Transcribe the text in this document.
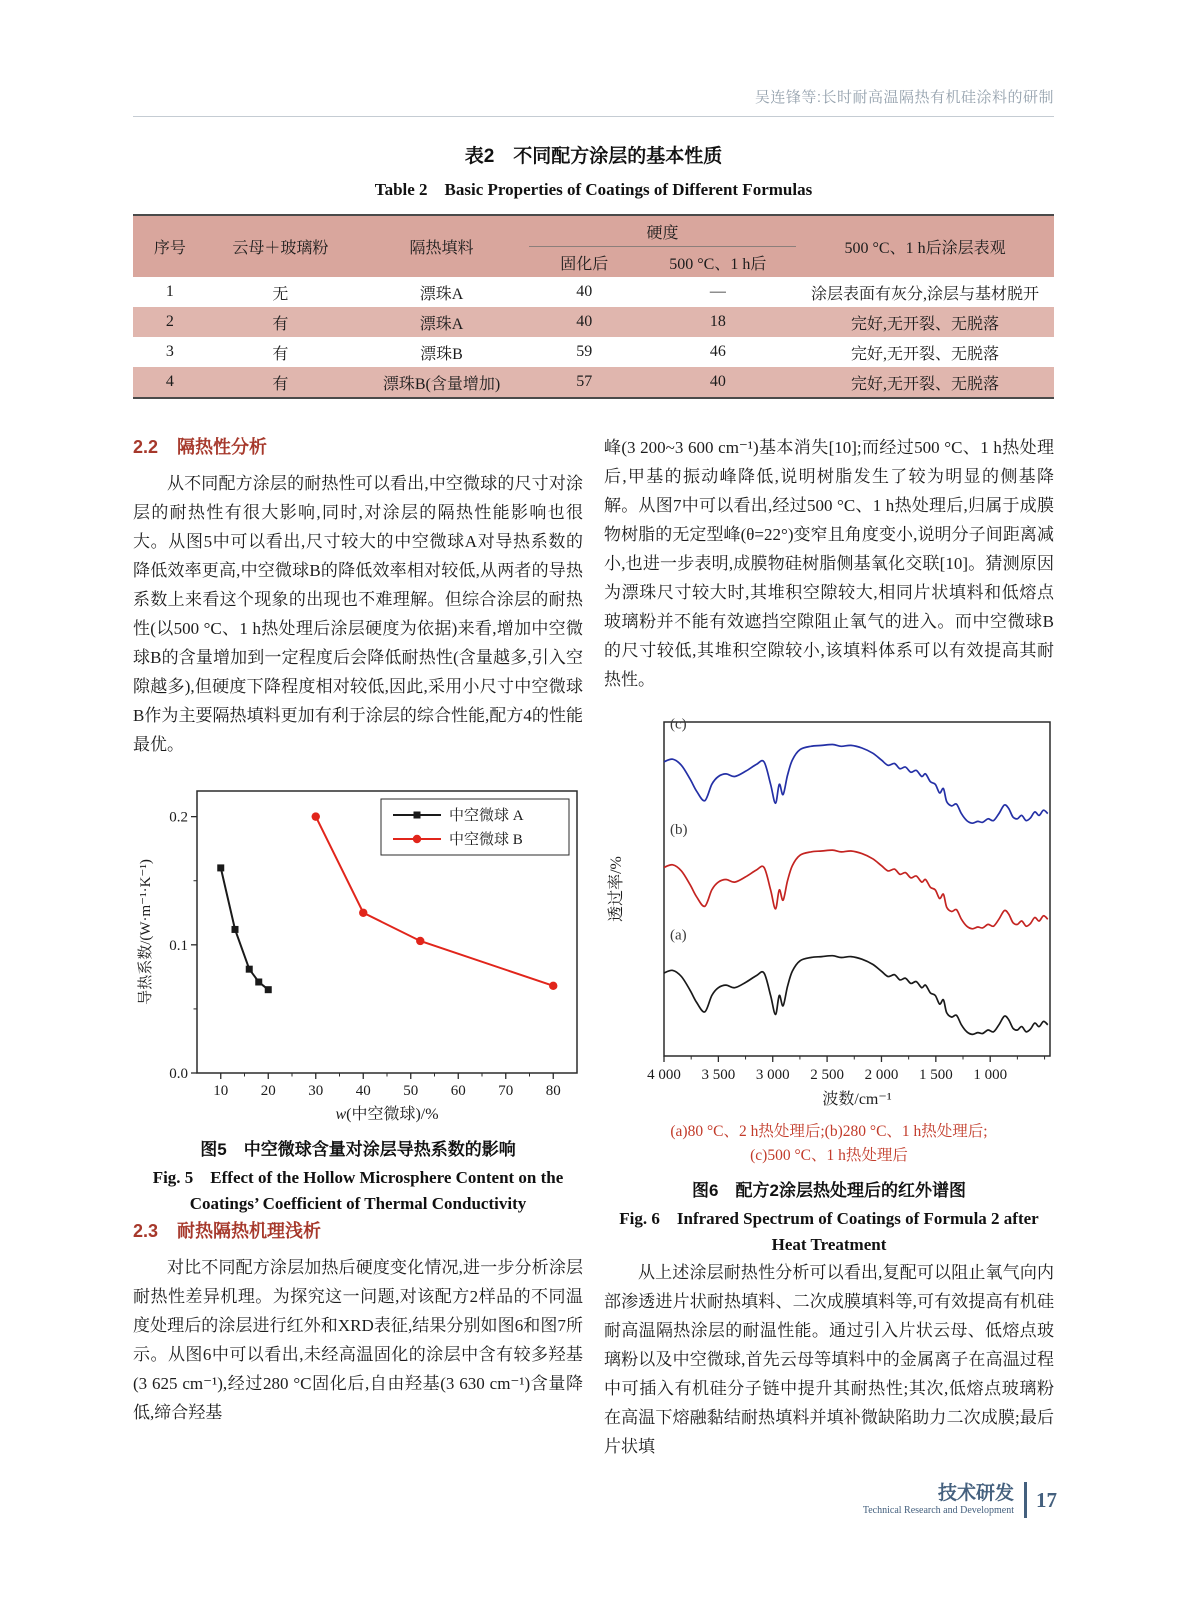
吴连锋等:长时耐高温隔热有机硅涂料的研制
表2　不同配方涂层的基本性质
Table 2　Basic Properties of Coatings of Different Formulas
序号	云母＋玻璃粉	隔热填料	硬度		500 °C、1 h后涂层表观
			固化后	500 °C、1 h后	
1	无	漂珠A	40	—	涂层表面有灰分,涂层与基材脱开
2	有	漂珠A	40	18	完好,无开裂、无脱落
3	有	漂珠B	59	46	完好,无开裂、无脱落
4	有	漂珠B(含量增加)	57	40	完好,无开裂、无脱落
2.2 隔热性分析

从不同配方涂层的耐热性可以看出,中空微球的尺寸对涂层的耐热性有很大影响,同时,对涂层的隔热性能影响也很大。从图5中可以看出,尺寸较大的中空微球A对导热系数的降低效率更高,中空微球B的降低效率相对较低,从两者的导热系数上来看这个现象的出现也不难理解。但综合涂层的耐热性(以500 °C、1 h热处理后涂层硬度为依据)来看,增加中空微球B的含量增加到一定程度后会降低耐热性(含量越多,引入空隙越多),但硬度下降程度相对较低,因此,采用小尺寸中空微球B作为主要隔热填料更加有利于涂层的综合性能,配方4的性能最优。

10 20 30 40 50 60 70 80
0.0
0.1
0.2	中空微球 A
中空微球 B
导热系数/(W·m⁻¹·K⁻¹)
w(中空微球)/%
图5　中空微球含量对涂层导热系数的影响
Fig. 5　Effect of the Hollow Microsphere Content on the Coatings’ Coefficient of Thermal Conductivity
2.3 耐热隔热机理浅析

对比不同配方涂层加热后硬度变化情况,进一步分析涂层耐热性差异机理。为探究这一问题,对该配方2样品的不同温度处理后的涂层进行红外和XRD表征,结果分别如图6和图7所示。从图6中可以看出,未经高温固化的涂层中含有较多羟基(3 625 cm⁻¹),经过280 °C固化后,自由羟基(3 630 cm⁻¹)含量降低,缔合羟基

峰(3 200~3 600 cm⁻¹)基本消失[10];而经过500 °C、1 h热处理后,甲基的振动峰降低,说明树脂发生了较为明显的侧基降解。从图7中可以看出,经过500 °C、1 h热处理后,归属于成膜物树脂的无定型峰(θ=22°)变窄且角度变小,说明分子间距离减小,也进一步表明,成膜物硅树脂侧基氧化交联[10]。猜测原因为漂珠尺寸较大时,其堆积空隙较大,相同片状填料和低熔点玻璃粉并不能有效遮挡空隙阻止氧气的进入。而中空微球B的尺寸较低,其堆积空隙较小,该填料体系可以有效提高其耐热性。

4 000 3 500 3 000 2 500 2 000 1 500 1 000
(a)
(b)
(c)
透过率/%
波数/cm⁻¹
(a)80 °C、2 h热处理后;(b)280 °C、1 h热处理后;
(c)500 °C、1 h热处理后
图6　配方2涂层热处理后的红外谱图
Fig. 6　Infrared Spectrum of Coatings of Formula 2 after Heat Treatment

从上述涂层耐热性分析可以看出,复配可以阻止氧气向内部渗透进片状耐热填料、二次成膜填料等,可有效提高有机硅耐高温隔热涂层的耐温性能。通过引入片状云母、低熔点玻璃粉以及中空微球,首先云母等填料中的金属离子在高温过程中可插入有机硅分子链中提升其耐热性;其次,低熔点玻璃粉在高温下熔融黏结耐热填料并填补微缺陷助力二次成膜;最后片状填

技术研发
Technical Research and Development 17
